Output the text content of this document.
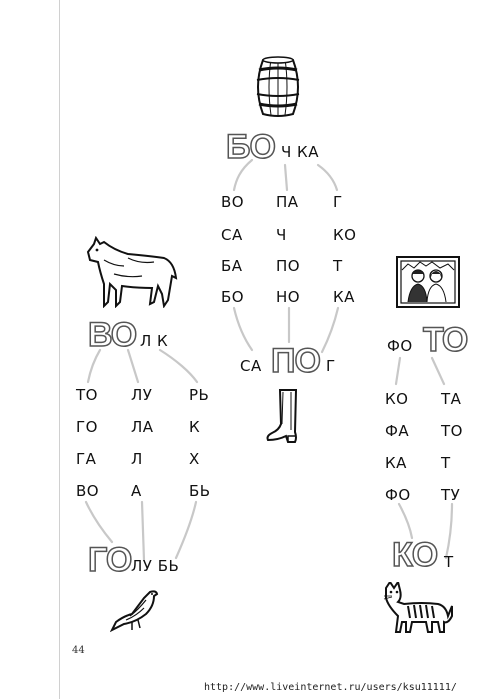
БО Ч КА
ВО ПА Г
СА Ч	КО
БА ПО Т
БО НО КА
СА ПО Г
ВО Л К
ТО ЛУ РЬ
ГО ЛА К
ГА Л	Х
ВО А	БЬ
ГО ЛУ БЬ
ФО ТО
КО ТА
ФА ТО
КА Т
ФО ТУ
КО Т
44
http://www.liveinternet.ru/users/ksu11111/
